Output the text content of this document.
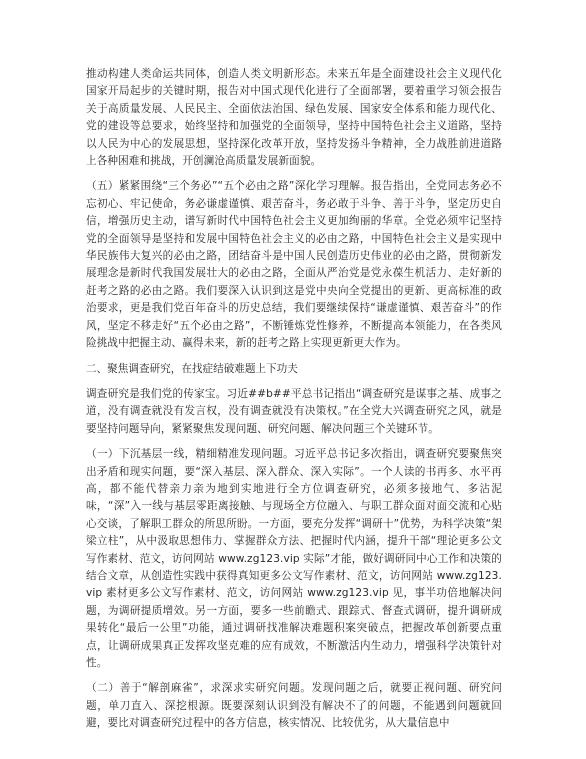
推动构建人类命运共同体，创造人类文明新形态。未来五年是全面建设社会主义现代化国家开局起步的关键时期，报告对中国式现代化进行了全面部署，要着重学习领会报告关于高质量发展、人民民主、全面依法治国、绿色发展、国家安全体系和能力现代化、党的建设等总要求，始终坚持和加强党的全面领导，坚持中国特色社会主义道路，坚持以人民为中心的发展思想，坚持深化改革开放，坚持发扬斗争精神，全力战胜前进道路上各种困难和挑战，开创澜沧高质量发展新面貌。

（五）紧紧围绕“三个务必”“五个必由之路”深化学习理解。报告指出，全党同志务必不忘初心、牢记使命，务必谦虚谨慎、艰苦奋斗，务必敢于斗争、善于斗争，坚定历史自信，增强历史主动，谱写新时代中国特色社会主义更加绚丽的华章。全党必须牢记坚持党的全面领导是坚持和发展中国特色社会主义的必由之路，中国特色社会主义是实现中华民族伟大复兴的必由之路，团结奋斗是中国人民创造历史伟业的必由之路，贯彻新发展理念是新时代我国发展壮大的必由之路，全面从严治党是党永葆生机活力、走好新的赶考之路的必由之路。我们要深入认识到这是党中央向全党提出的更新、更高标准的政治要求，更是我们党百年奋斗的历史总结，我们要继续保持“谦虚谨慎、艰苦奋斗”的作风，坚定不移走好“五个必由之路”，不断锤炼党性修养，不断提高本领能力，在各类风险挑战中把握主动、赢得未来，新的赶考之路上实现更新更大作为。

二、聚焦调查研究，在找症结破难题上下功夫

调查研究是我们党的传家宝。习近##b##平总书记指出“调查研究是谋事之基、成事之道，没有调查就没有发言权，没有调查就没有决策权。”在全党大兴调查研究之风，就是要坚持问题导向，紧紧聚焦发现问题、研究问题、解决问题三个关键环节。

（一）下沉基层一线，精细精准发现问题。习近平总书记多次指出，调查研究要聚焦突出矛盾和现实问题，要“深入基层、深入群众、深入实际”。一个人读的书再多、水平再高，都不能代替亲力亲为地到实地进行全方位调查研究，必须多接地气、多沾泥味，“深”入一线与基层零距离接触、与现场全方位融入、与职工群众面对面交流和心贴心交谈，了解职工群众的所思所盼。一方面，要充分发挥“调研十”优势，为科学决策“架梁立柱”，从中汲取思想伟力、掌握群众方法、把握时代内涵，提升干部“理论更多公文写作素材、范文，访问网站 www.zg123.vip 实际”才能，做好调研同中心工作和决策的结合文章，从创造性实践中获得真知更多公文写作素材、范文，访问网站 www.zg123.vip 素材更多公文写作素材、范文，访问网站 www.zg123.vip 见，事半功倍地解决问题，为调研提质增效。另一方面，要多一些前瞻式、跟踪式、督查式调研，提升调研成果转化“最后一公里”功能，通过调研找准解决难题积案突破点，把握改革创新要点重点，让调研成果真正发挥攻坚克难的应有成效，不断激活内生动力，增强科学决策针对性。

（二）善于“解剖麻雀”，求深求实研究问题。发现问题之后，就要正视问题、研究问题，单刀直入、深挖根源。既要深刻认识到没有解决不了的问题，不能遇到问题就回避，要比对调查研究过程中的各方信息，核实情况、比较优劣，从大量信息中
